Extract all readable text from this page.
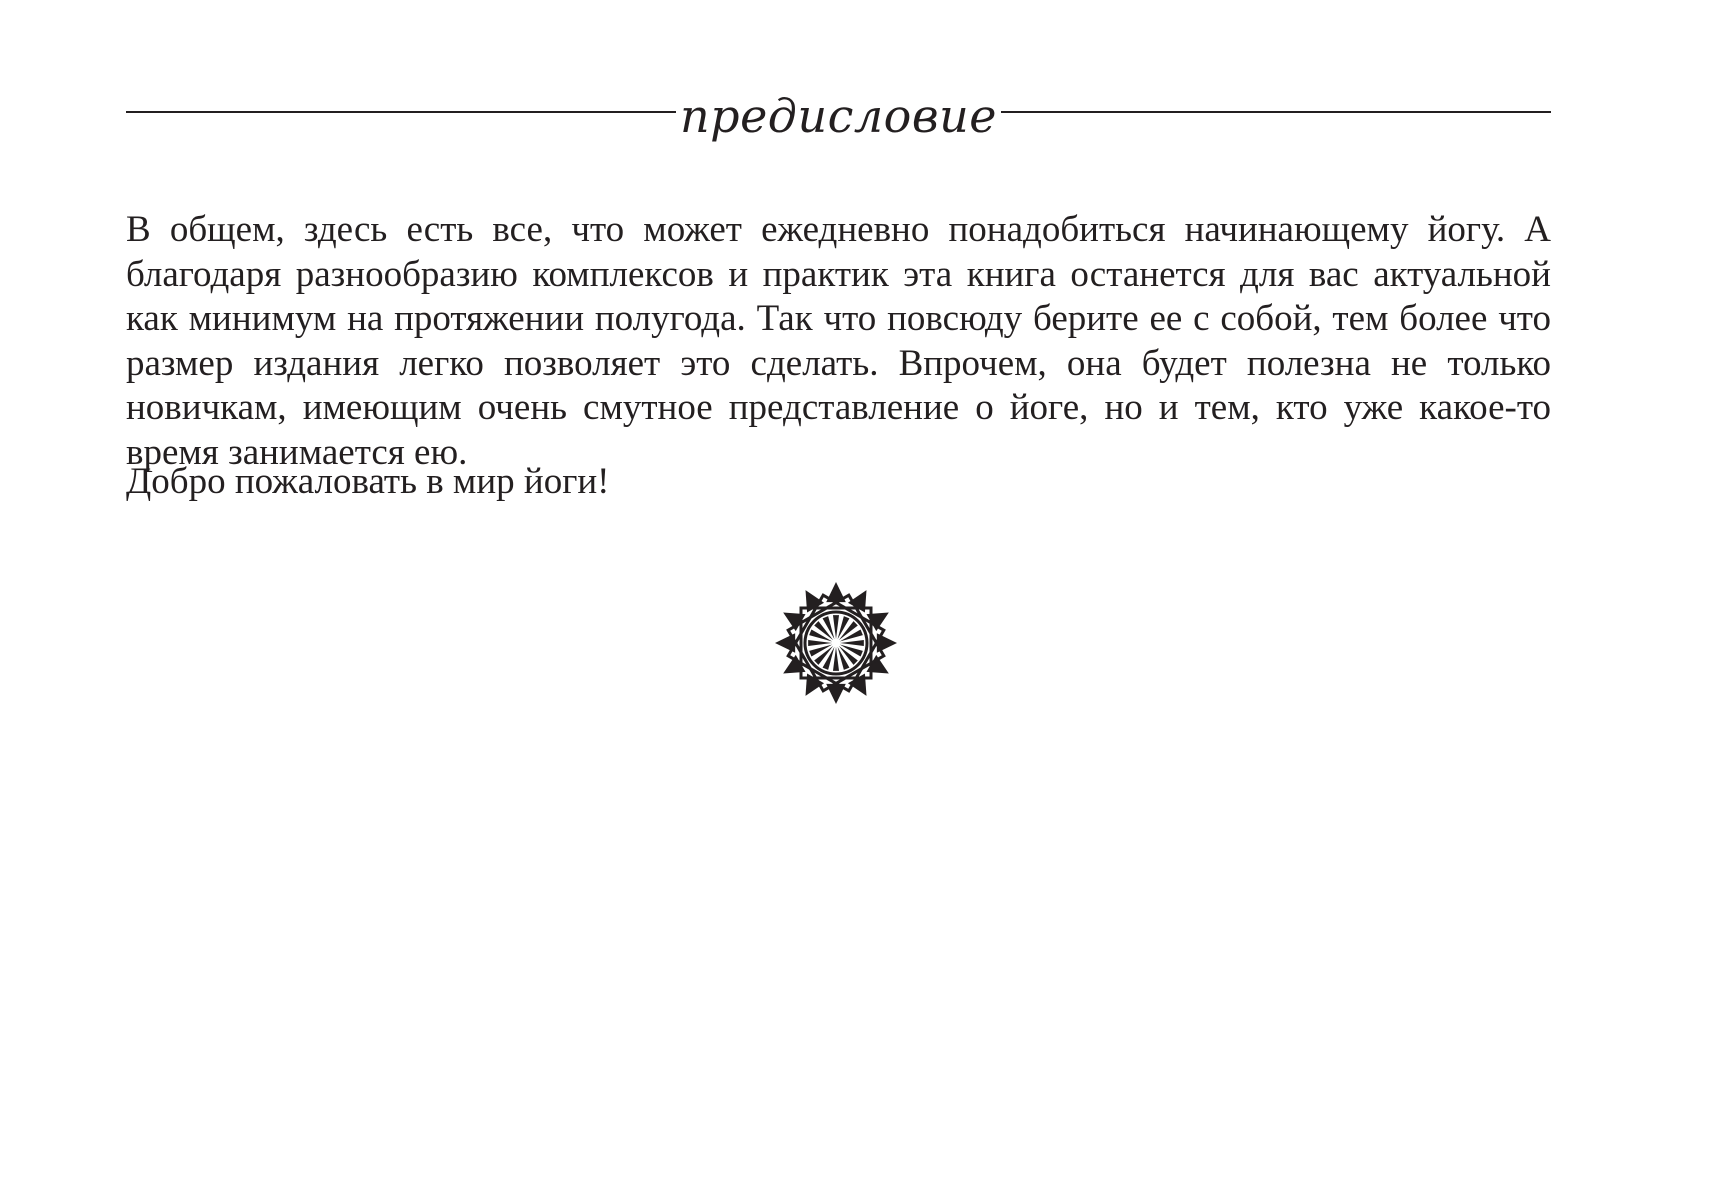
предисловие

В общем, здесь есть все, что может ежедневно понадобиться начинающему йогу. А благодаря разнообразию комплексов и практик эта книга останется для вас актуальной как минимум на протяжении полугода. Так что повсюду берите ее с собой, тем более что размер издания легко позволяет это сделать. Впрочем, она будет полезна не только новичкам, имеющим очень смутное представление о йоге, но и тем, кто уже какое-то время занимается ею.

Добро пожаловать в мир йоги!
